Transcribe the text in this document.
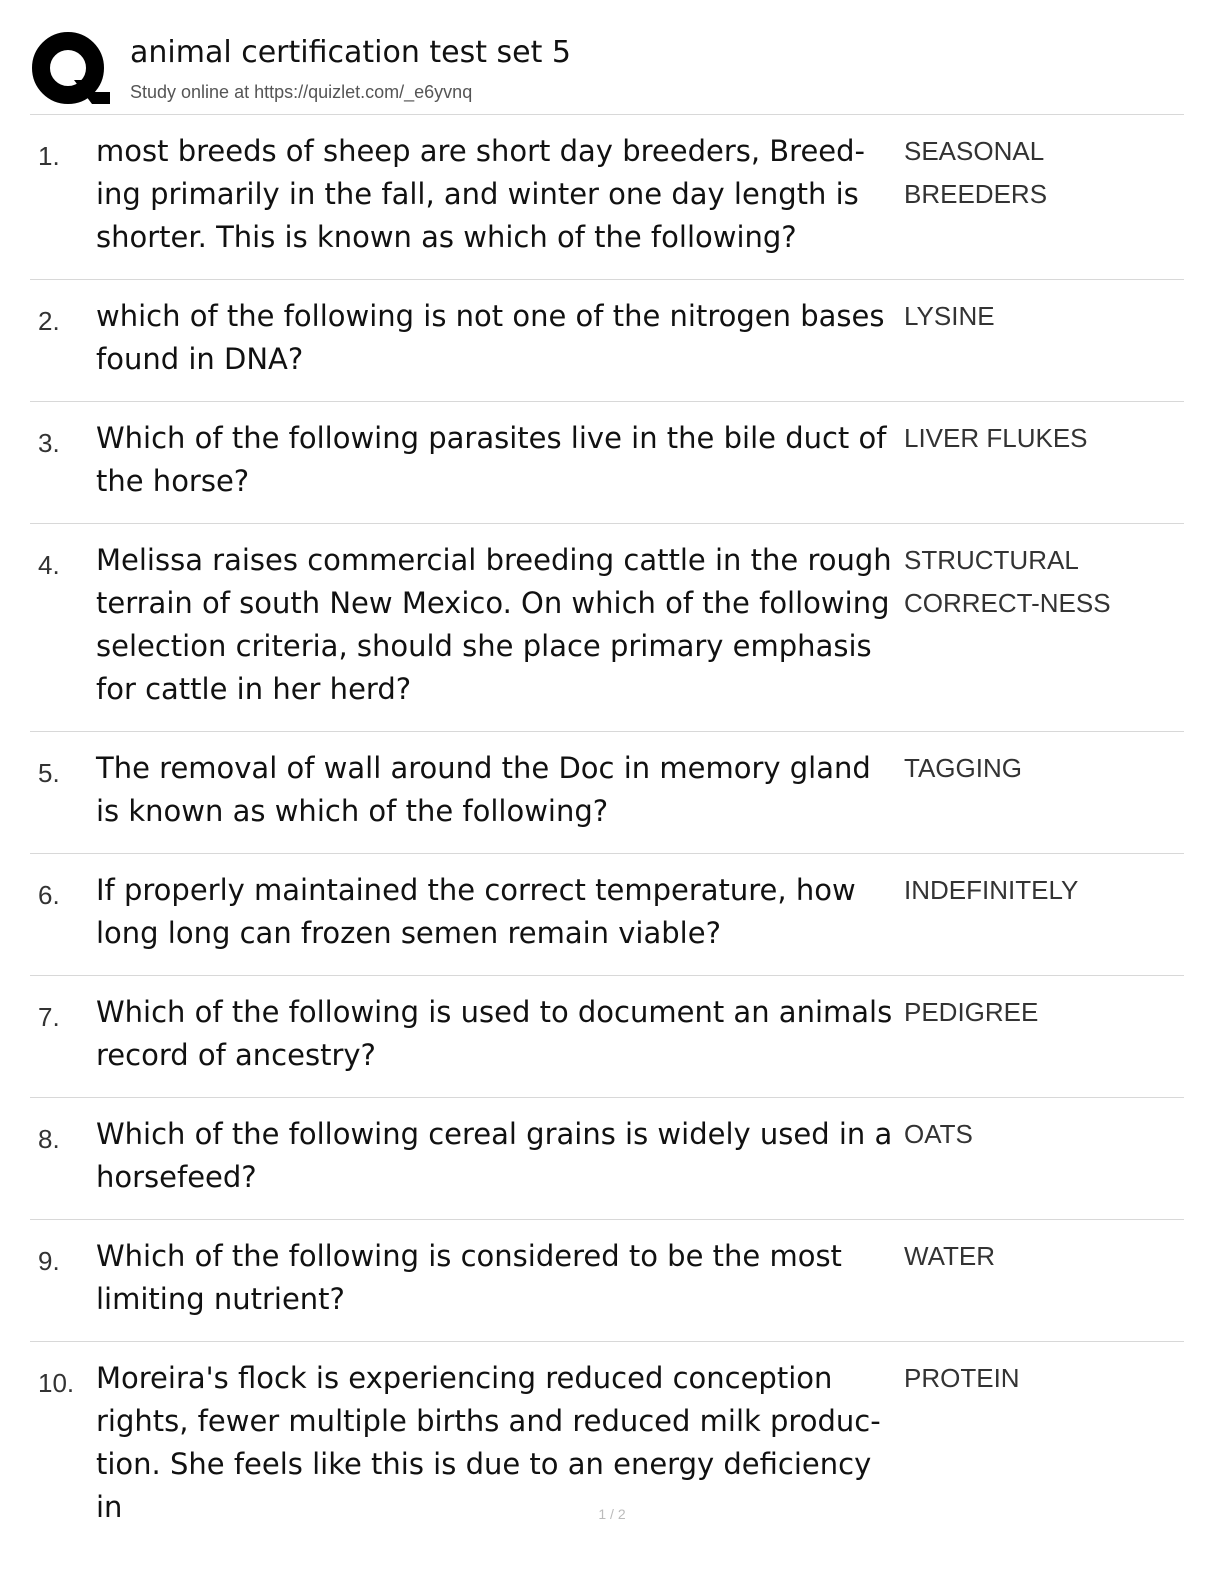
animal certification test set 5
Study online at https://quizlet.com/_e6yvnq
1. most breeds of sheep are short day breeders, Breed-ing primarily in the fall, and winter one day length is shorter. This is known as which of the following?
SEASONAL BREEDERS
2. which of the following is not one of the nitrogen bases found in DNA?
LYSINE
3. Which of the following parasites live in the bile duct of the horse?
LIVER FLUKES
4. Melissa raises commercial breeding cattle in the rough terrain of south New Mexico. On which of the following selection criteria, should she place primary emphasis for cattle in her herd?
STRUCTURAL CORRECT-NESS
5. The removal of wall around the Doc in memory gland is known as which of the following?
TAGGING
6. If properly maintained the correct temperature, how long long can frozen semen remain viable?
INDEFINITELY
7. Which of the following is used to document an animals record of ancestry?
PEDIGREE
8. Which of the following cereal grains is widely used in a horsefeed?
OATS
9. Which of the following is considered to be the most limiting nutrient?
WATER
10. Moreira's flock is experiencing reduced conception rights, fewer multiple births and reduced milk produc-tion. She feels like this is due to an energy deficiency in
PROTEIN
1 / 2
